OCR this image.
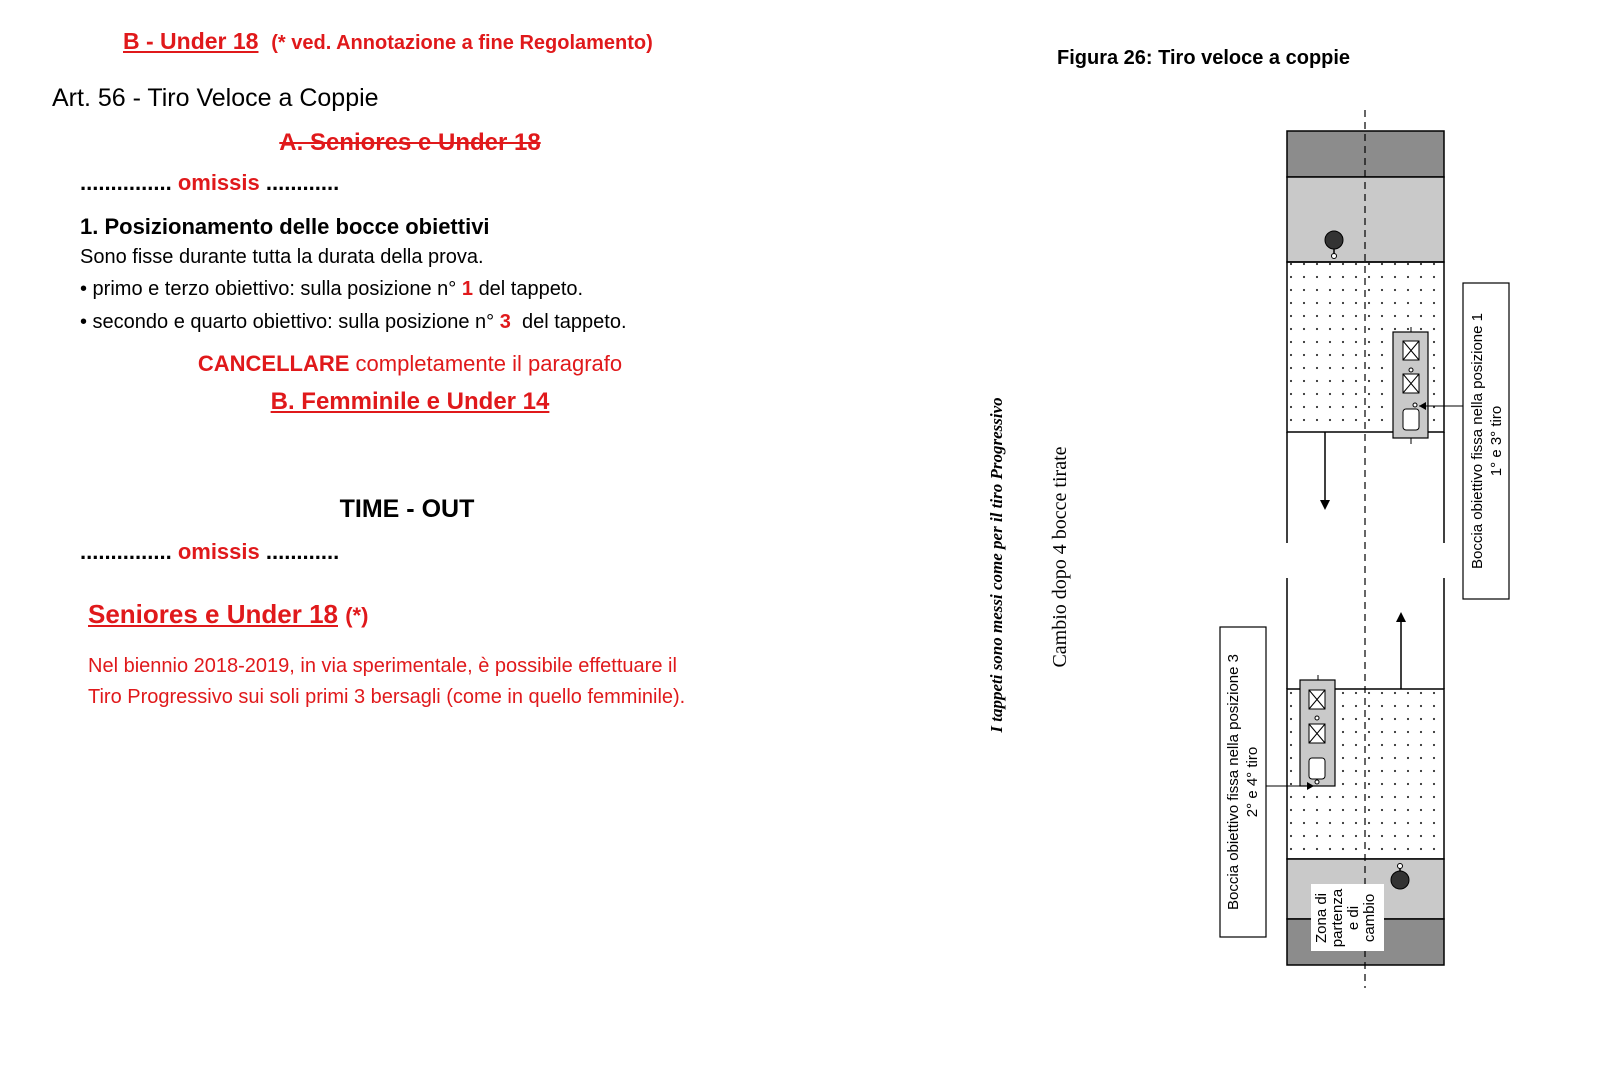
B - Under 18 (* ved. Annotazione a fine Regolamento)
Art. 56 - Tiro Veloce a Coppie
A. Seniores e Under 18
............... omissis ............
1. Posizionamento delle bocce obiettivi
Sono fisse durante tutta la durata della prova.
• primo e terzo obiettivo: sulla posizione n° 1 del tappeto.
• secondo e quarto obiettivo: sulla posizione n° 3 del tappeto.
CANCELLARE completamente il paragrafo
B. Femminile e Under 14
TIME - OUT
............... omissis ............
Seniores e Under 18 (*)
Nel biennio 2018-2019, in via sperimentale, è possibile effettuare il
Tiro Progressivo sui soli primi 3 bersagli (come in quello femminile).
Figura 26: Tiro veloce a coppie
I tappeti sono messi come per il tiro Progressivo Cambio dopo 4 bocce tirate	Boccia obiettivo fissa nella posizione 1 1° e 3° tiro
Boccia obiettivo fissa nella posizione 3 2° e 4° tiro
Zona di partenza e di cambio
